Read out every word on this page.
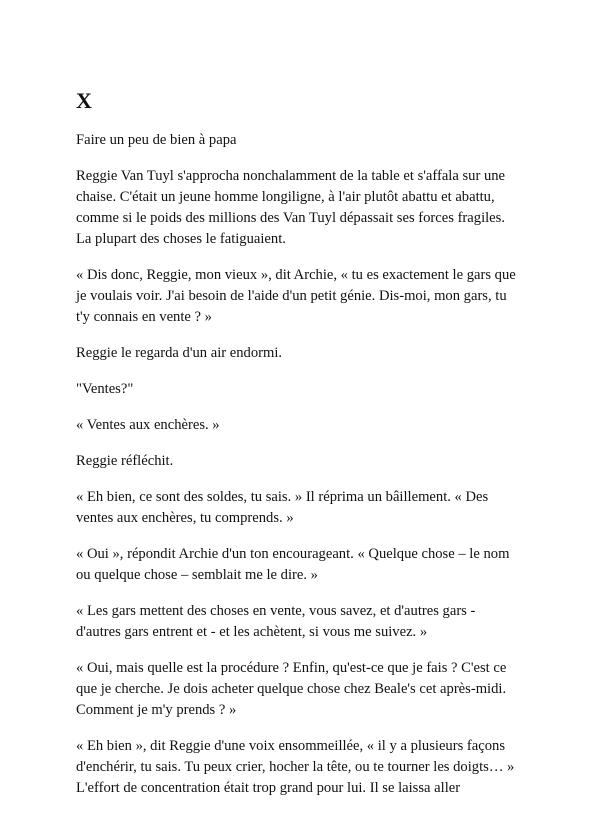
X
Faire un peu de bien à papa
Reggie Van Tuyl s'approcha nonchalamment de la table et s'affala sur une
chaise. C'était un jeune homme longiligne, à l'air plutôt abattu et abattu,
comme si le poids des millions des Van Tuyl dépassait ses forces fragiles.
La plupart des choses le fatiguaient.
« Dis donc, Reggie, mon vieux », dit Archie, « tu es exactement le gars que
je voulais voir. J'ai besoin de l'aide d'un petit génie. Dis-moi, mon gars, tu
t'y connais en vente ? »
Reggie le regarda d'un air endormi.
"Ventes?"
« Ventes aux enchères. »
Reggie réfléchit.
« Eh bien, ce sont des soldes, tu sais. » Il réprima un bâillement. « Des
ventes aux enchères, tu comprends. »
« Oui », répondit Archie d'un ton encourageant. « Quelque chose – le nom
ou quelque chose – semblait me le dire. »
« Les gars mettent des choses en vente, vous savez, et d'autres gars -
d'autres gars entrent et - et les achètent, si vous me suivez. »
« Oui, mais quelle est la procédure ? Enfin, qu'est-ce que je fais ? C'est ce
que je cherche. Je dois acheter quelque chose chez Beale's cet après-midi.
Comment je m'y prends ? »
« Eh bien », dit Reggie d'une voix ensommeillée, « il y a plusieurs façons
d'enchérir, tu sais. Tu peux crier, hocher la tête, ou te tourner les doigts… »
L'effort de concentration était trop grand pour lui. Il se laissa aller
